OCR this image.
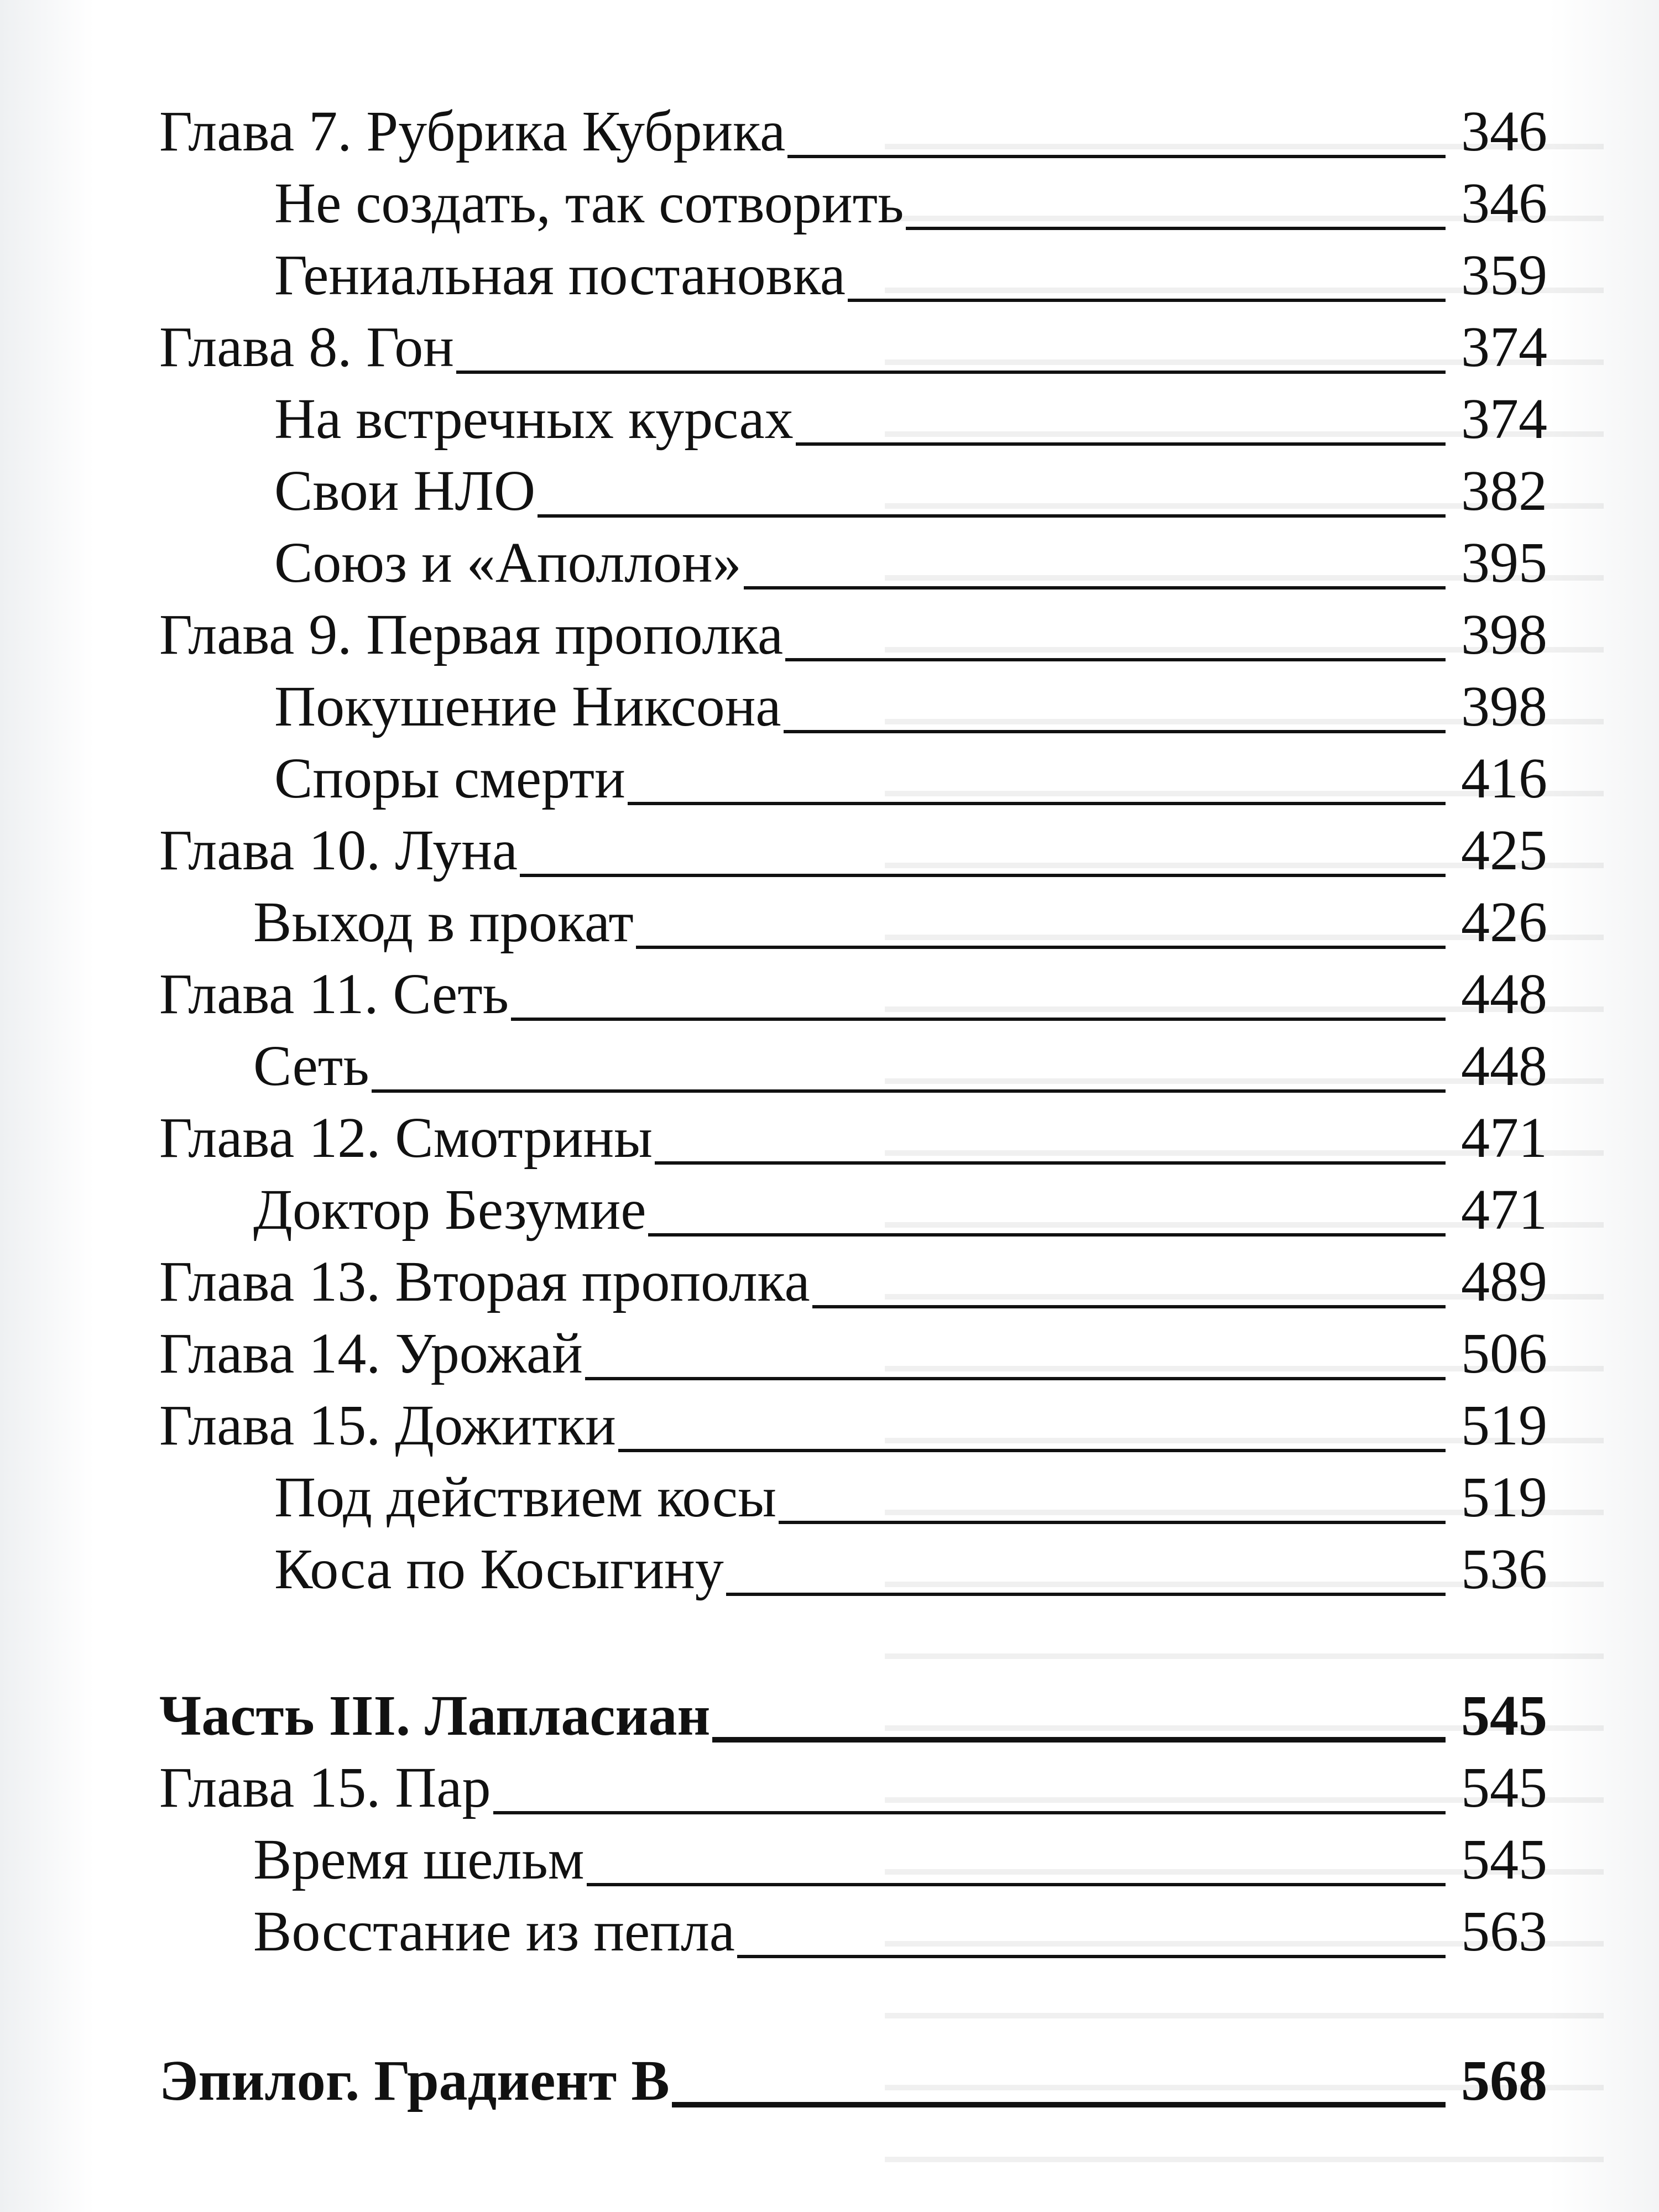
Глава 7. Рубрика Кубрика	346
Не создать, так сотворить	346
Гениальная постановка	359
Глава 8. Гон	374
На встречных курсах	374
Свои НЛО	382
Союз и «Аполлон»	395
Глава 9. Первая прополка	398
Покушение Никсона	398
Споры смерти	416
Глава 10. Луна	425
Выход в прокат	426
Глава 11. Сеть	448
Сеть	448
Глава 12. Смотрины	471
Доктор Безумие	471
Глава 13. Вторая прополка	489
Глава 14. Урожай	506
Глава 15. Дожитки	519
Под действием косы	519
Коса по Косыгину	536
Часть III. Лапласиан	545
Глава 15. Пар	545
Время шельм	545
Восстание из пепла	563
Эпилог. Градиент В	568
